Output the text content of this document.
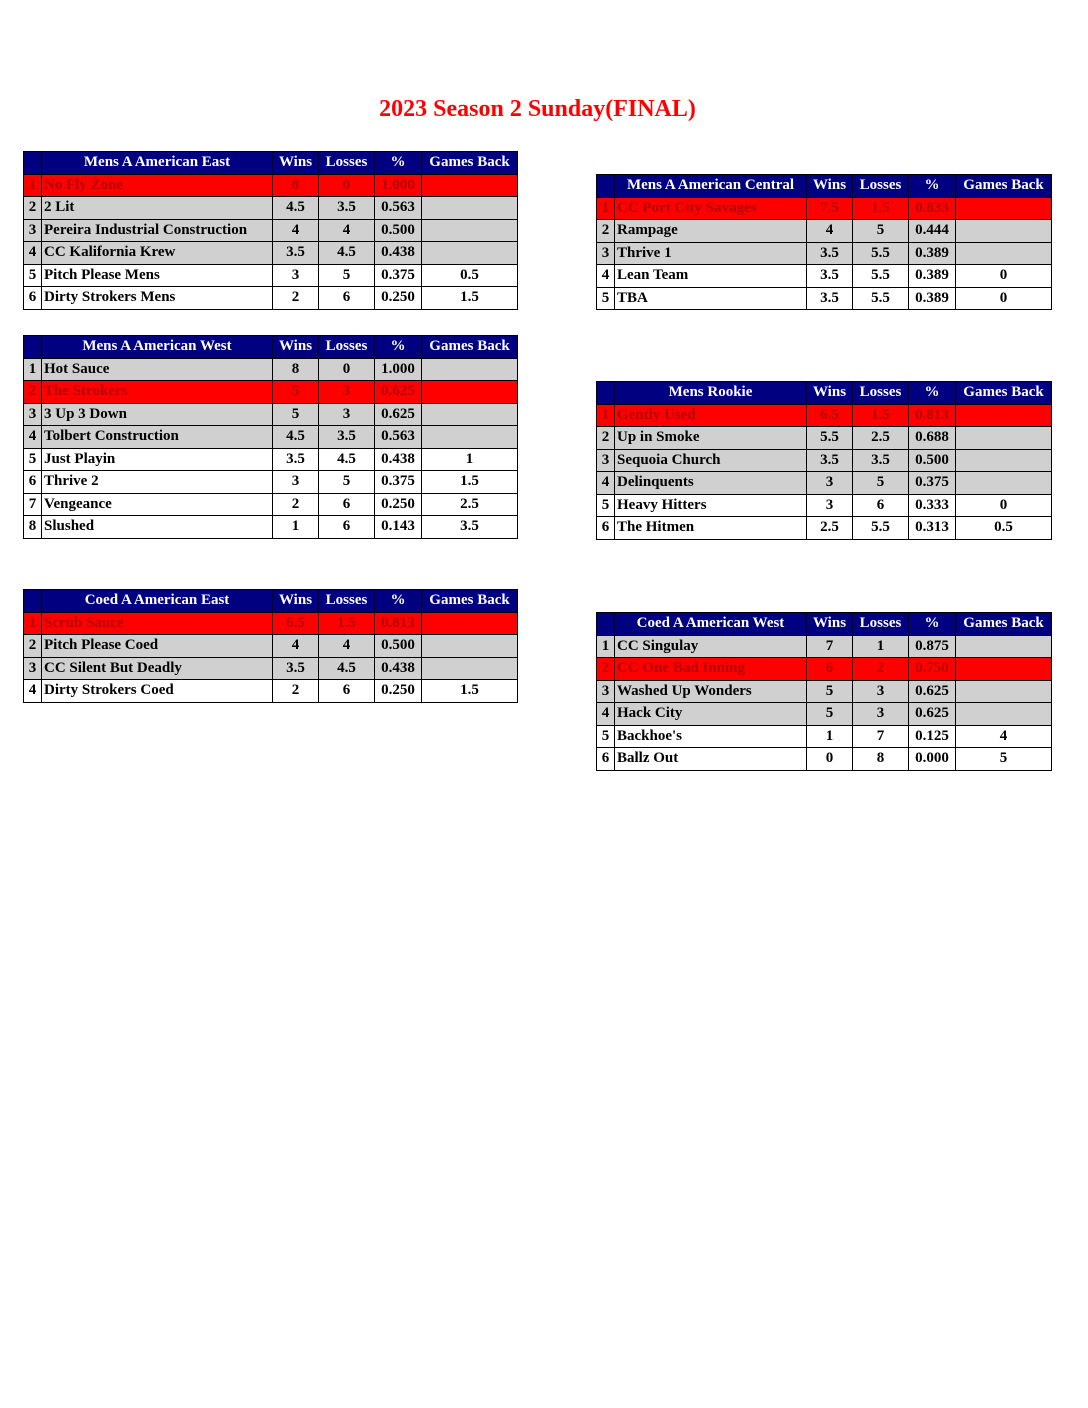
2023 Season 2 Sunday(FINAL)
	Mens A American East	Wins	Losses	%	Games Back
1	No Fly Zone	8	0	1.000	
2	2 Lit	4.5	3.5	0.563	
3	Pereira Industrial Construction	4	4	0.500	
4	CC Kalifornia Krew	3.5	4.5	0.438	
5	Pitch Please Mens	3	5	0.375	0.5
6	Dirty Strokers Mens	2	6	0.250	1.5
	Mens A American Central	Wins	Losses	%	Games Back
1	CC Port City Savages	7.5	1.5	0.833	
2	Rampage	4	5	0.444	
3	Thrive 1	3.5	5.5	0.389	
4	Lean Team	3.5	5.5	0.389	0
5	TBA	3.5	5.5	0.389	0
	Mens A American West	Wins	Losses	%	Games Back
1	Hot Sauce	8	0	1.000	
2	The Strokers	5	3	0.625	
3	3 Up 3 Down	5	3	0.625	
4	Tolbert Construction	4.5	3.5	0.563	
5	Just Playin	3.5	4.5	0.438	1
6	Thrive 2	3	5	0.375	1.5
7	Vengeance	2	6	0.250	2.5
8	Slushed	1	6	0.143	3.5
	Mens Rookie	Wins	Losses	%	Games Back
1	Gently Used	6.5	1.5	0.813	
2	Up in Smoke	5.5	2.5	0.688	
3	Sequoia Church	3.5	3.5	0.500	
4	Delinquents	3	5	0.375	
5	Heavy Hitters	3	6	0.333	0
6	The Hitmen	2.5	5.5	0.313	0.5
	Coed A American East	Wins	Losses	%	Games Back
1	Scrub Sauce	6.5	1.5	0.813	
2	Pitch Please Coed	4	4	0.500	
3	CC Silent But Deadly	3.5	4.5	0.438	
4	Dirty Strokers Coed	2	6	0.250	1.5
	Coed A American West	Wins	Losses	%	Games Back
1	CC Singulay	7	1	0.875	
2	CC One Bad Inning	6	2	0.750	
3	Washed Up Wonders	5	3	0.625	
4	Hack City	5	3	0.625	
5	Backhoe's	1	7	0.125	4
6	Ballz Out	0	8	0.000	5
